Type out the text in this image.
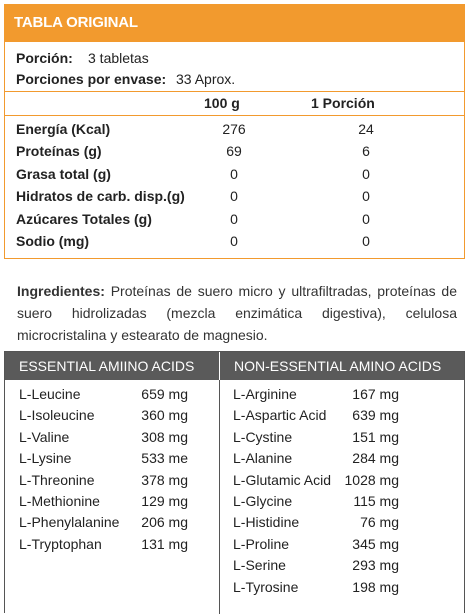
TABLA ORIGINAL
Porción: 3 tabletas
Porciones por envase: 33 Aprox.
100 g	1 Porción
Energía (Kcal)	276	24
Proteínas (g)	69	6
Grasa total (g)	0	0
Hidratos de carb. disp.(g)	0	0
Azúcares Totales (g)	0	0
Sodio (mg)	0	0
Ingredientes: Proteínas de suero micro y ultrafiltradas, proteínas de suero hidrolizadas (mezcla enzimática digestiva), celulosa microcristalina y estearato de magnesio.
ESSENTIAL AMIINO ACIDS	NON-ESSENTIAL AMINO ACIDS
L-Leucine	659 mg
L-Isoleucine	360 mg
L-Valine	308 mg
L-Lysine	533 me
L-Threonine	378 mg
L-Methionine	129 mg
L-Phenylalanine	206 mg
L-Tryptophan	131 mg
L-Arginine	167 mg
L-Aspartic Acid	639 mg
L-Cystine	151 mg
L-Alanine	284 mg
L-Glutamic Acid 1028 mg
L-Glycine	115 mg
L-Histidine	76 mg
L-Proline	345 mg
L-Serine	293 mg
L-Tyrosine	198 mg
